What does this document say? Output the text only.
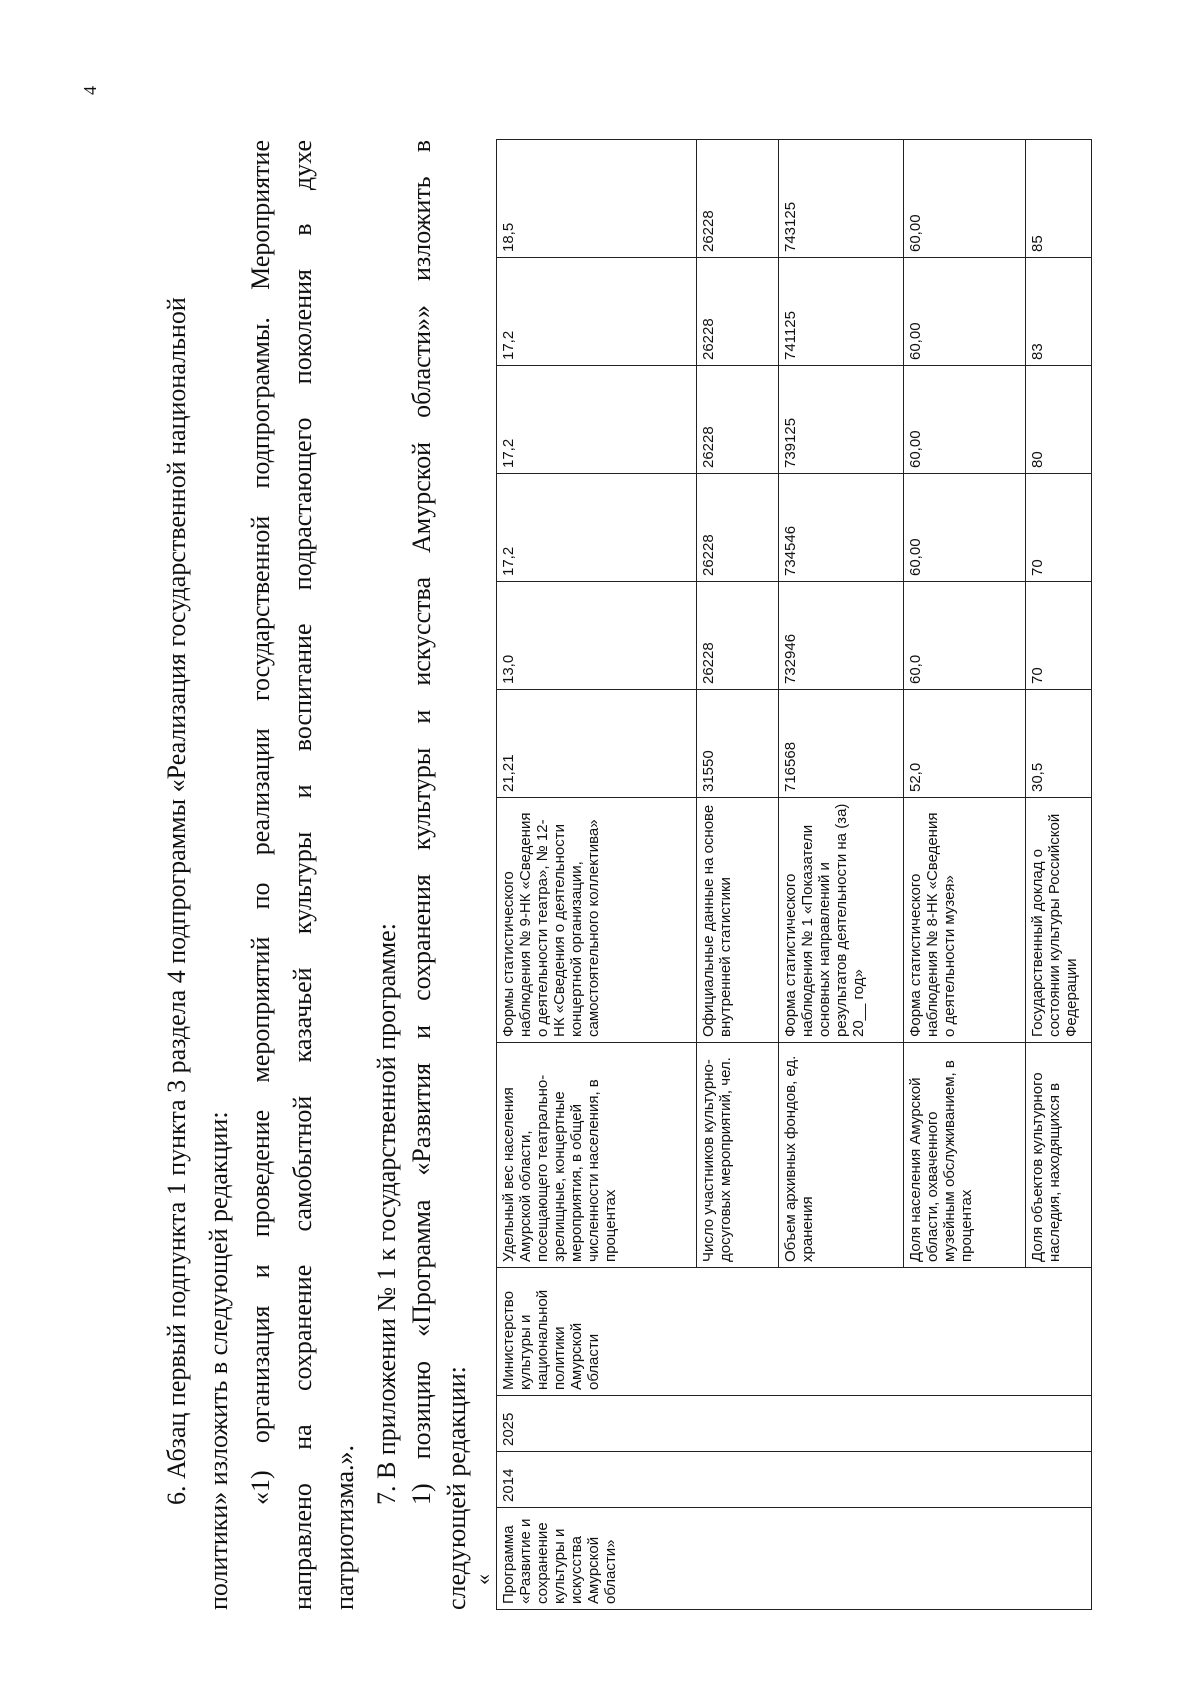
4
6. Абзац первый подпункта 1 пункта 3 раздела 4 подпрограммы «Реализация государственной национальной политики» изложить в следующей редакции: «1) организация и проведение мероприятий по реализации государственной подпрограммы. Мероприятие направлено на сохранение самобытной казачьей культуры и воспитание подрастающего поколения в духе патриотизма.».
7. В приложении № 1 к государственной программе: 1) позицию «Программа «Развития и сохранения культуры и искусства Амурской области»» изложить в следующей редакции: « Программа «Развитие и сохранение культуры и искусства Амурской области»	2014	2025	Министерство культуры и национальной политики Амурской области	Удельный вес населения Амурской области, посещающего театрально-зрелищные, концертные мероприятия, в общей численности населения, в процентах	Формы статистического наблюдения № 9-НК «Сведения о деятельности театра», № 12-НК «Сведения о деятельности концертной организации, самостоятельного коллектива»	21,21	13,0	17,2	17,2	17,2	18,5
				Число участников культурно-досуговых мероприятий, чел.	Официальные данные на основе внутренней статистики	31550	26228	26228	26228	26228	26228
				Объем архивных фондов, ед. хранения	Форма статистического наблюдения № 1 «Показатели основных направлений и результатов деятельности на (за) 20__ год»	716568	732946	734546	739125	741125	743125
				Доля населения Амурской области, охваченного музейным обслуживанием, в процентах	Форма статистического наблюдения № 8-НК «Сведения о деятельности музея»	52,0	60,0	60,00	60,00	60,00	60,00
				Доля объектов культурного наследия, находящихся в	Государственный доклад о состоянии культуры Российской Федерации	30,5	70	70	80	83	85
